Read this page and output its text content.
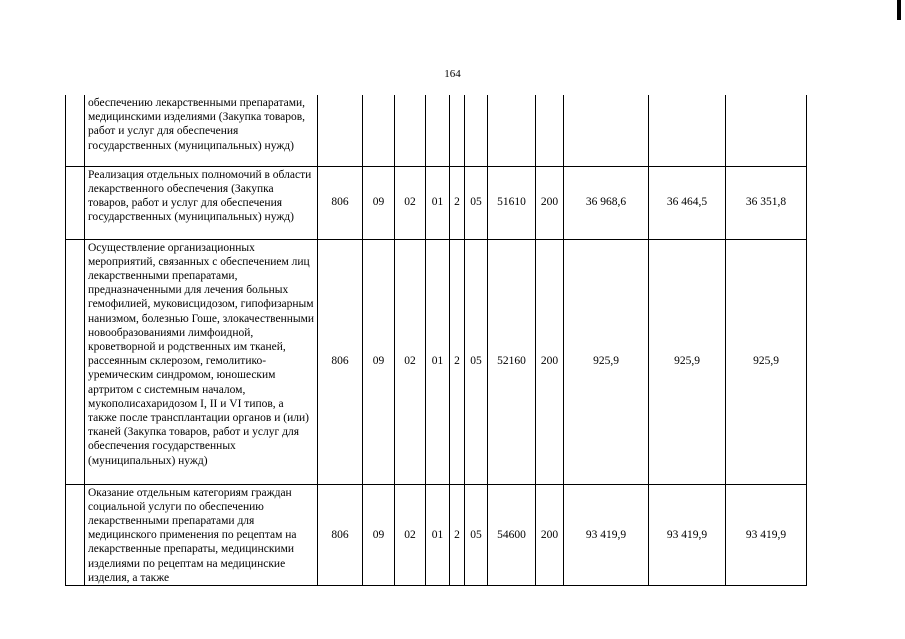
164
	обеспечению лекарственными препаратами, медицинскими изделиями (Закупка товаров, работ и услуг для обеспечения государственных (муниципальных) нужд)											
	Реализация отдельных полномочий в области лекарственного обеспечения (Закупка товаров, работ и услуг для обеспечения государственных (муниципальных) нужд)	806	09	02	01	2	05	51610	200	36 968,6	36 464,5	36 351,8
	Осуществление организационных мероприятий, связанных с обеспечением лиц лекарственными препаратами, предназначенными для лечения больных гемофилией, муковисцидозом, гипофизарным нанизмом, болезнью Гоше, злокачественными новообразованиями лимфоидной, кроветворной и родственных им тканей, рассеянным склерозом, гемолитико-уремическим синдромом, юношеским артритом с системным началом, мукополисахаридозом I, II и VI типов, а также после трансплантации органов и (или) тканей (Закупка товаров, работ и услуг для обеспечения государственных (муниципальных) нужд)	806	09	02	01	2	05	52160	200	925,9	925,9	925,9
	Оказание отдельным категориям граждан социальной услуги по обеспечению лекарственными препаратами для медицинского применения по рецептам на лекарственные препараты, медицинскими изделиями по рецептам на медицинские изделия, а также	806	09	02	01	2	05	54600	200	93 419,9	93 419,9	93 419,9
